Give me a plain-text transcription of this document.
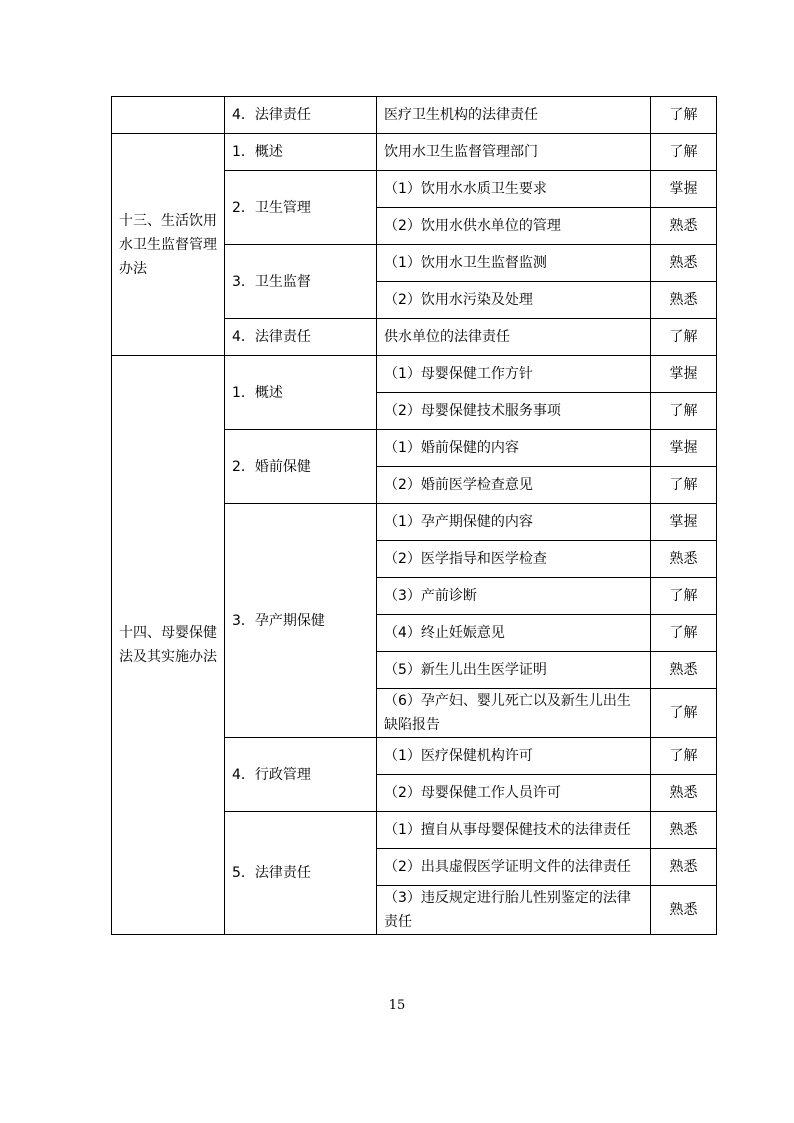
	4．法律责任	医疗卫生机构的法律责任	了解
十三、生活饮用水卫生监督管理办法	1．概述	饮用水卫生监督管理部门	了解
	2．卫生管理	（1）饮用水水质卫生要求	掌握
		（2）饮用水供水单位的管理	熟悉
	3．卫生监督	（1）饮用水卫生监督监测	熟悉
		（2）饮用水污染及处理	熟悉
	4．法律责任	供水单位的法律责任	了解
十四、母婴保健法及其实施办法	1．概述	（1）母婴保健工作方针	掌握
		（2）母婴保健技术服务事项	了解
	2．婚前保健	（1）婚前保健的内容	掌握
		（2）婚前医学检查意见	了解
	3．孕产期保健	（1）孕产期保健的内容	掌握
		（2）医学指导和医学检查	熟悉
		（3）产前诊断	了解
		（4）终止妊娠意见	了解
		（5）新生儿出生医学证明	熟悉
		（6）孕产妇、婴儿死亡以及新生儿出生缺陷报告	了解
	4．行政管理	（1）医疗保健机构许可	了解
		（2）母婴保健工作人员许可	熟悉
	5．法律责任	（1）擅自从事母婴保健技术的法律责任	熟悉
		（2）出具虚假医学证明文件的法律责任	熟悉
		（3）违反规定进行胎儿性别鉴定的法律责任	熟悉
15
